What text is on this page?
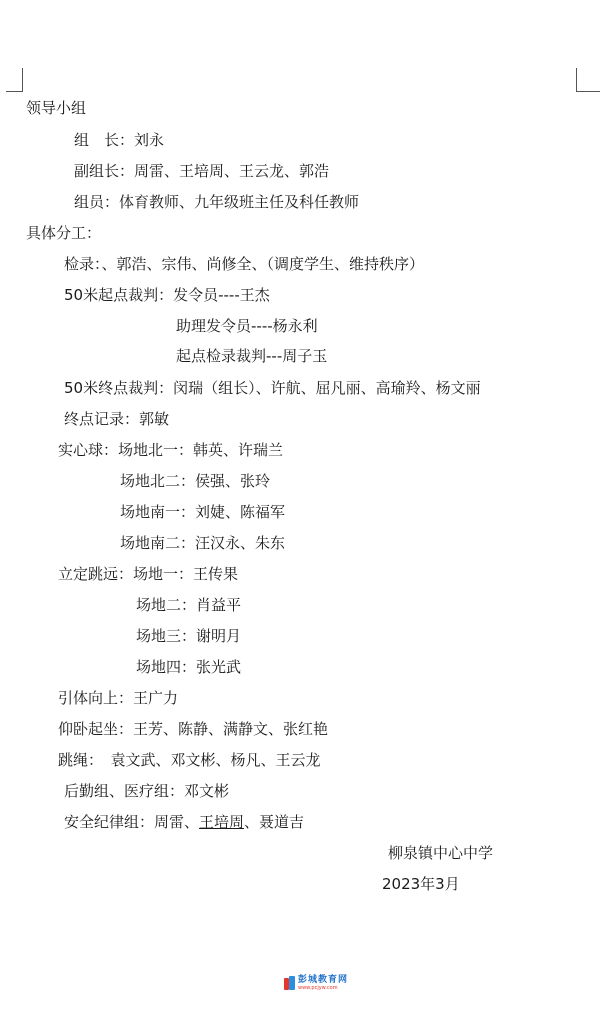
领导小组
组　长：刘永
副组长：周雷、王培周、王云龙、郭浩
组员：体育教师、九年级班主任及科任教师
具体分工：
检录：、郭浩、宗伟、尚修全、（调度学生、维持秩序）
50米起点裁判：发令员----王杰
助理发令员----杨永利
起点检录裁判---周子玉
50米终点裁判：闵瑞（组长）、许航、屈凡丽、高瑜羚、杨文丽
终点记录：郭敏
实心球：场地北一：韩英、许瑞兰
场地北二：侯强、张玲
场地南一：刘婕、陈福军
场地南二：汪汉永、朱东
立定跳远：场地一：王传果
场地二：肖益平
场地三：谢明月
场地四：张光武
引体向上：王广力
仰卧起坐：王芳、陈静、满静文、张红艳
跳绳：　袁文武、邓文彬、杨凡、王云龙
后勤组、医疗组：邓文彬
安全纪律组：周雷、王培周、聂道吉
柳泉镇中心中学
2023年3月
彭城教育网
www.pcjyw.com
